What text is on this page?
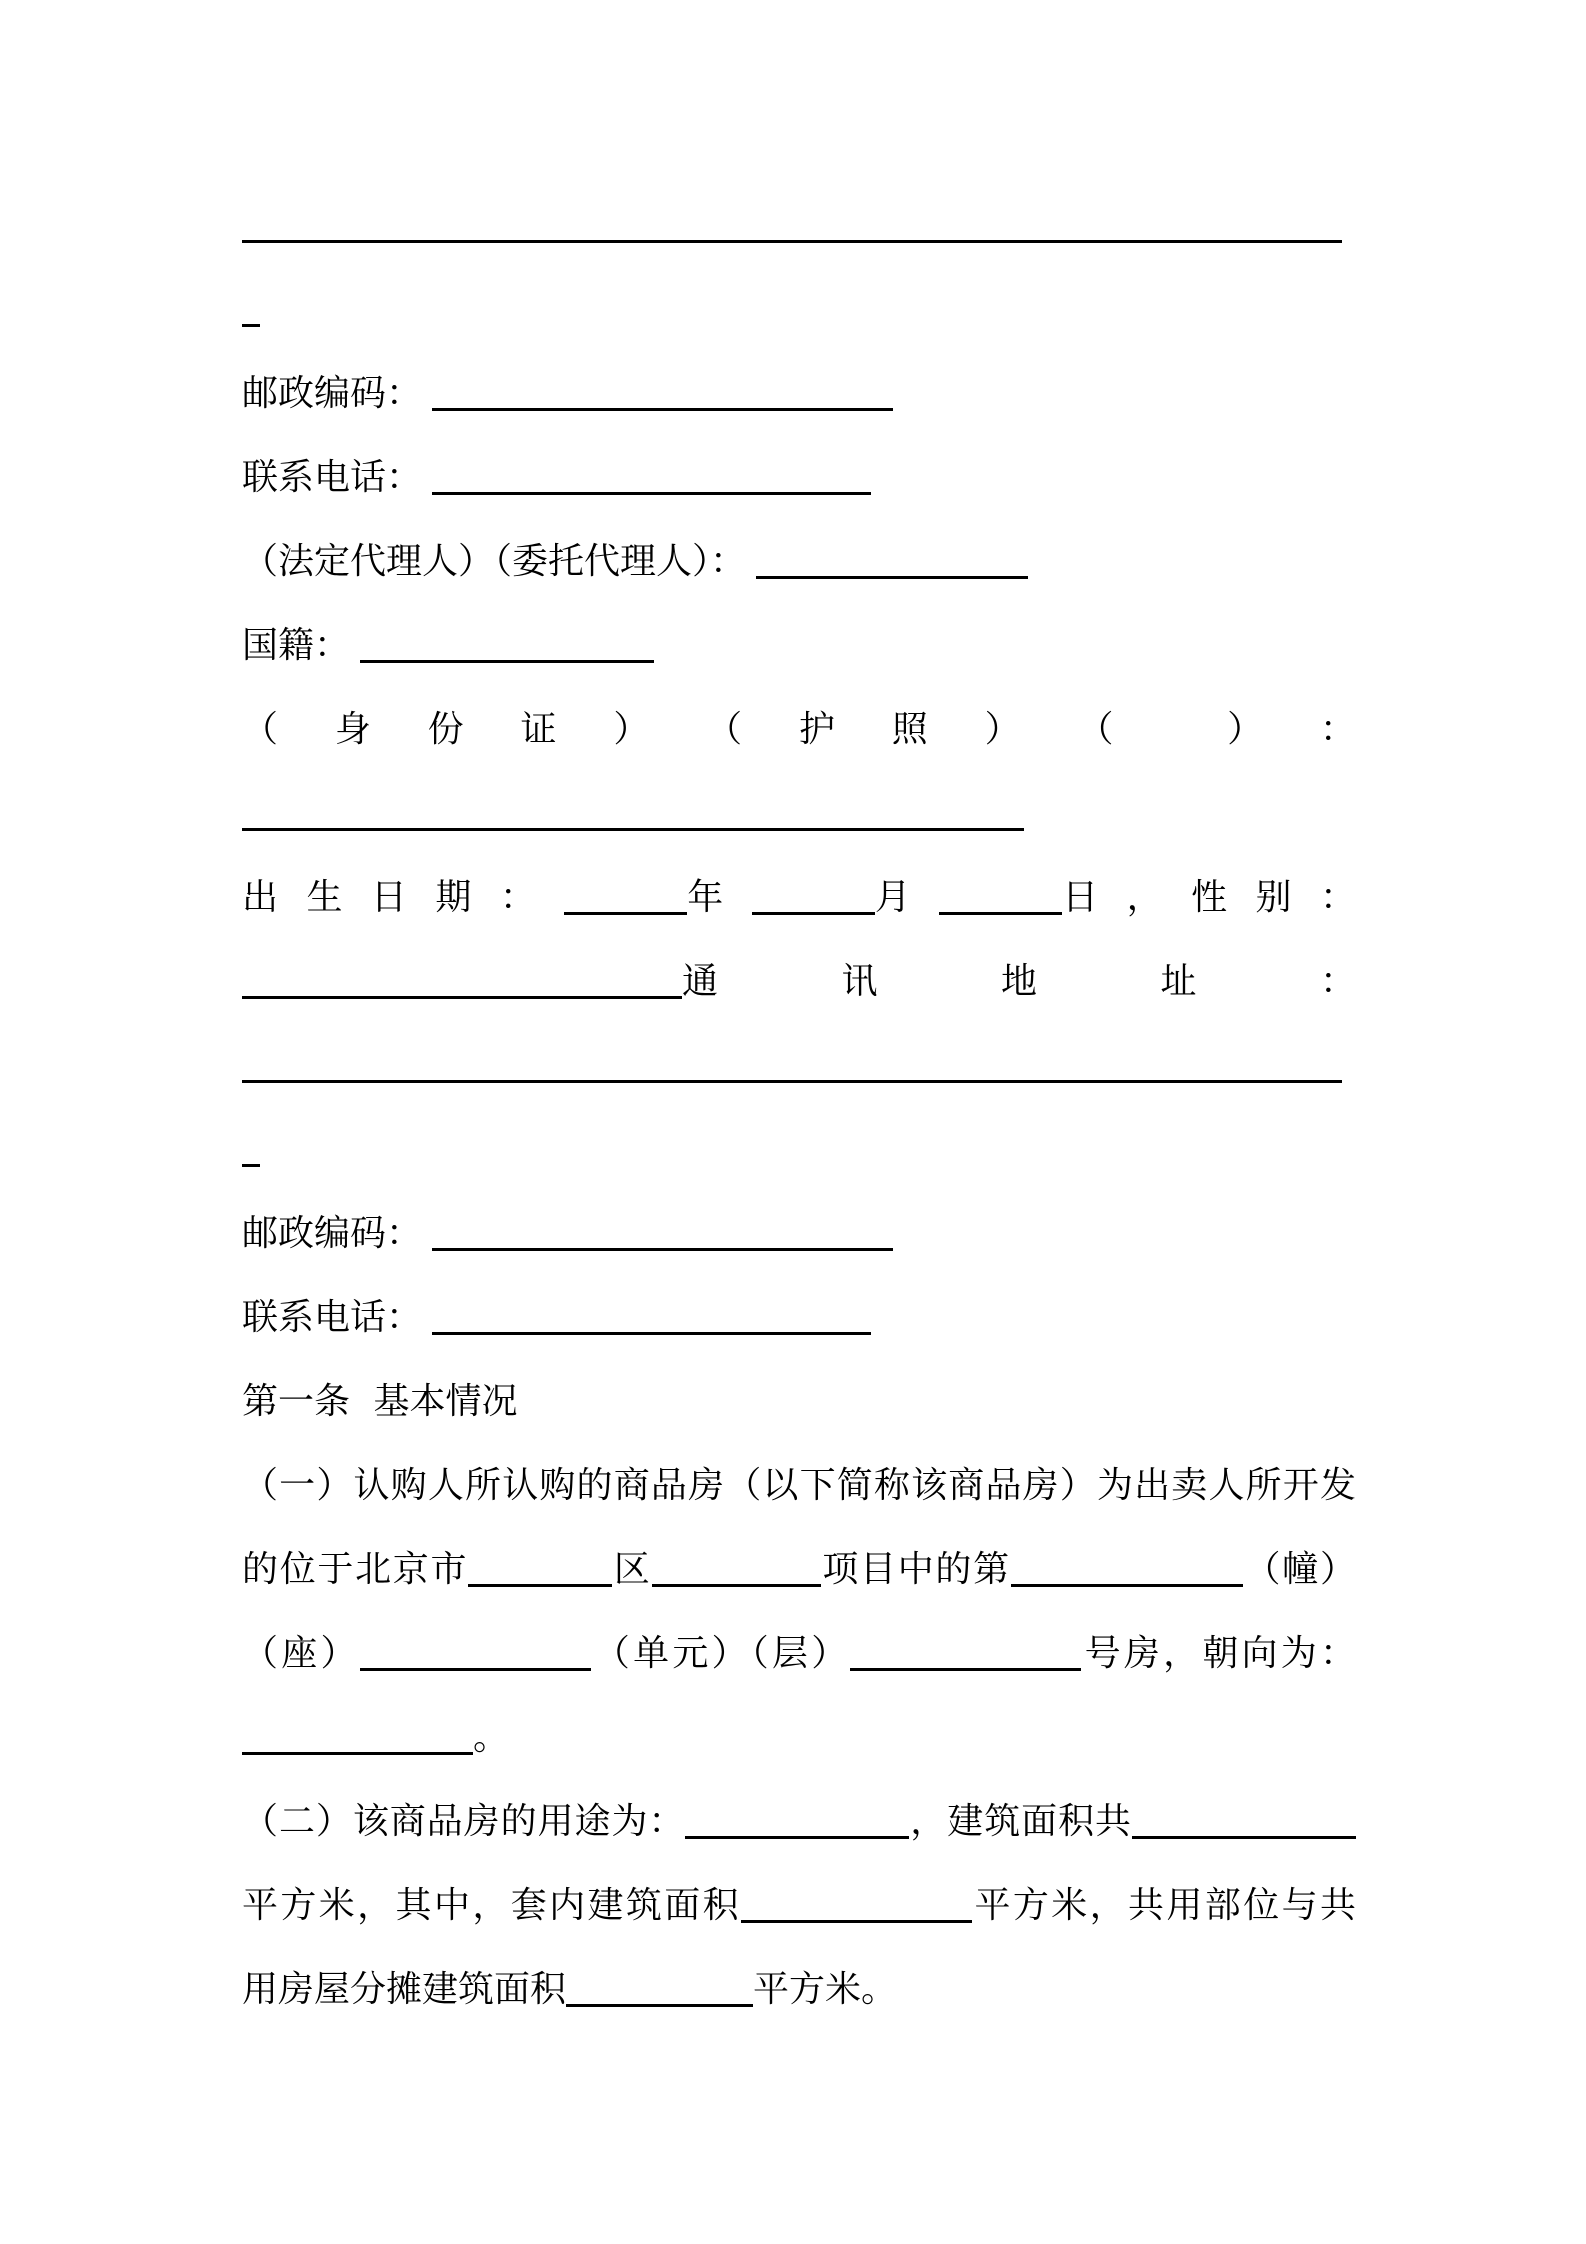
邮政编码：
联系电话：
（法定代理人）（委托代理人）：
国籍：
（ 身 份 证 ） （ 护 照 ） （	） ：
出 生 日 期 ：	年	月	日 ， 性 别 ：
通	讯	地	址	：
邮政编码：
联系电话：
第一条 基本情况
（一）认购人所认购的商品房（以下简称该商品房）为出卖人所开发
的位于北京市	区	项目中的第	（幢）
（座）	（单元）（层）	号房，朝向为：
。
（二）该商品房的用途为：	，建筑面积共
平方米，其中，套内建筑面积	平方米，共用部位与共
用房屋分摊建筑面积	平方米。
